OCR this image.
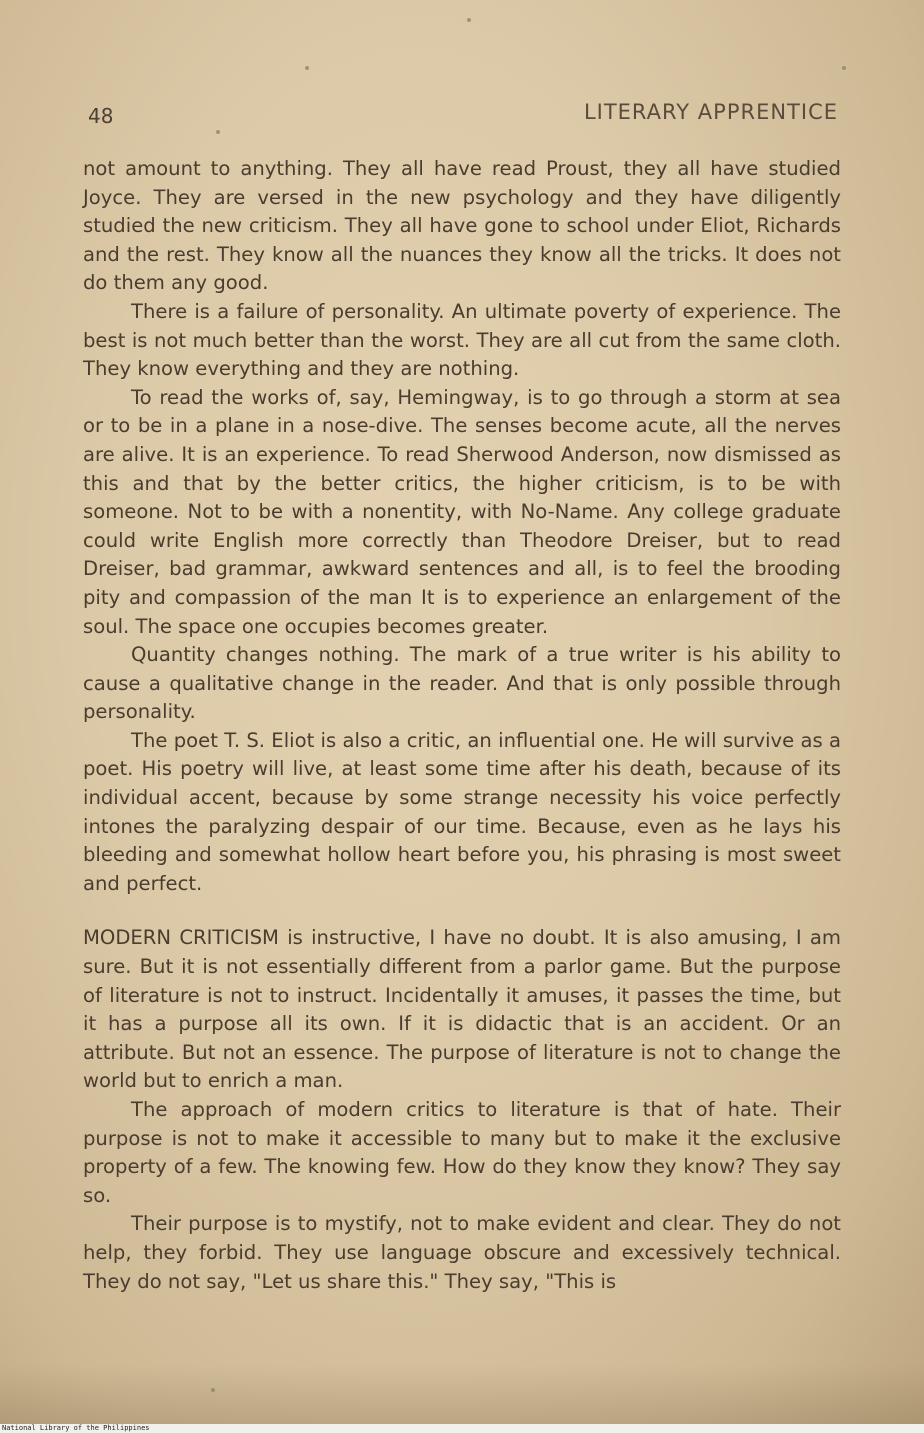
48	LITERARY APPRENTICE

not amount to anything. They all have read Proust, they all have studied Joyce. They are versed in the new psychology and they have diligently studied the new criticism. They all have gone to school under Eliot, Richards and the rest. They know all the nuances they know all the tricks. It does not do them any good.

There is a failure of personality. An ultimate poverty of experience. The best is not much better than the worst. They are all cut from the same cloth. They know everything and they are nothing.

To read the works of, say, Hemingway, is to go through a storm at sea or to be in a plane in a nose-dive. The senses become acute, all the nerves are alive. It is an experience. To read Sherwood Anderson, now dismissed as this and that by the better critics, the higher criticism, is to be with someone. Not to be with a nonentity, with No-Name. Any college graduate could write English more correctly than Theodore Dreiser, but to read Dreiser, bad grammar, awkward sentences and all, is to feel the brooding pity and compassion of the man It is to experience an enlargement of the soul. The space one occupies becomes greater.

Quantity changes nothing. The mark of a true writer is his ability to cause a qualitative change in the reader. And that is only possible through personality.

The poet T. S. Eliot is also a critic, an influential one. He will survive as a poet. His poetry will live, at least some time after his death, because of its individual accent, because by some strange necessity his voice perfectly intones the paralyzing despair of our time. Because, even as he lays his bleeding and somewhat hollow heart before you, his phrasing is most sweet and perfect.

MODERN CRITICISM is instructive, I have no doubt. It is also amusing, I am sure. But it is not essentially different from a parlor game. But the purpose of literature is not to instruct. Incidentally it amuses, it passes the time, but it has a purpose all its own. If it is didactic that is an accident. Or an attribute. But not an essence. The purpose of literature is not to change the world but to enrich a man.

The approach of modern critics to literature is that of hate. Their purpose is not to make it accessible to many but to make it the exclusive property of a few. The knowing few. How do they know they know? They say so.

Their purpose is to mystify, not to make evident and clear. They do not help, they forbid. They use language obscure and excessively technical. They do not say, "Let us share this." They say, "This is

National Library of the Philippines
